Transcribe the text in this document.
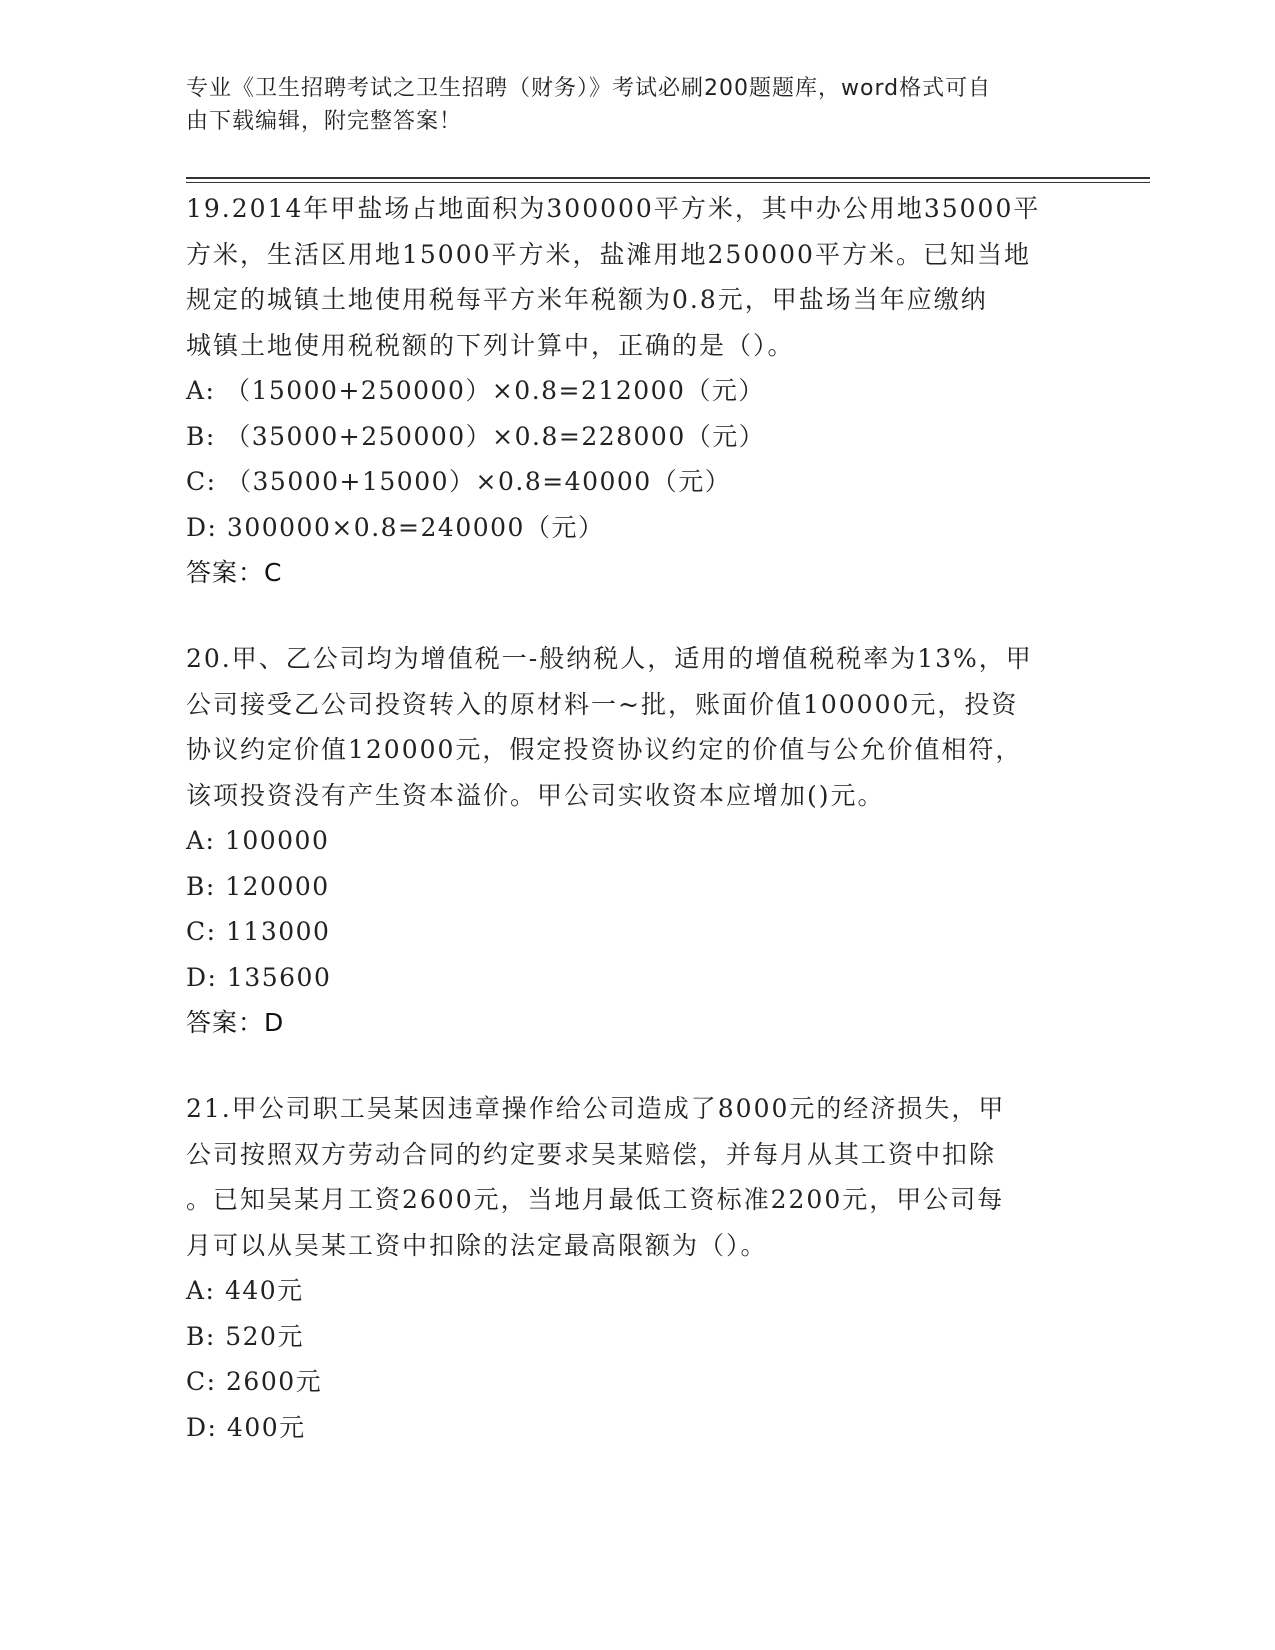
专业《卫生招聘考试之卫生招聘（财务）》考试必刷200题题库，word格式可自
由下载编辑，附完整答案！

19.2014年甲盐场占地面积为300000平方米，其中办公用地35000平

方米，生活区用地15000平方米，盐滩用地250000平方米。已知当地

规定的城镇土地使用税每平方米年税额为0.8元，甲盐场当年应缴纳

城镇土地使用税税额的下列计算中，正确的是（）。

A: （15000+250000）×0.8=212000（元）

B: （35000+250000）×0.8=228000（元）

C: （35000+15000）×0.8=40000（元）

D: 300000×0.8=240000（元）

答案：C

20.甲、乙公司均为增值税一-般纳税人，适用的增值税税率为13%，甲

公司接受乙公司投资转入的原材料一~批，账面价值100000元，投资

协议约定价值120000元，假定投资协议约定的价值与公允价值相符，

该项投资没有产生资本溢价。甲公司实收资本应增加()元。

A: 100000

B: 120000

C: 113000

D: 135600

答案：D

21.甲公司职工吴某因违章操作给公司造成了8000元的经济损失，甲

公司按照双方劳动合同的约定要求吴某赔偿，并每月从其工资中扣除

。已知吴某月工资2600元，当地月最低工资标准2200元，甲公司每

月可以从吴某工资中扣除的法定最高限额为（）。

A: 440元

B: 520元

C: 2600元

D: 400元
